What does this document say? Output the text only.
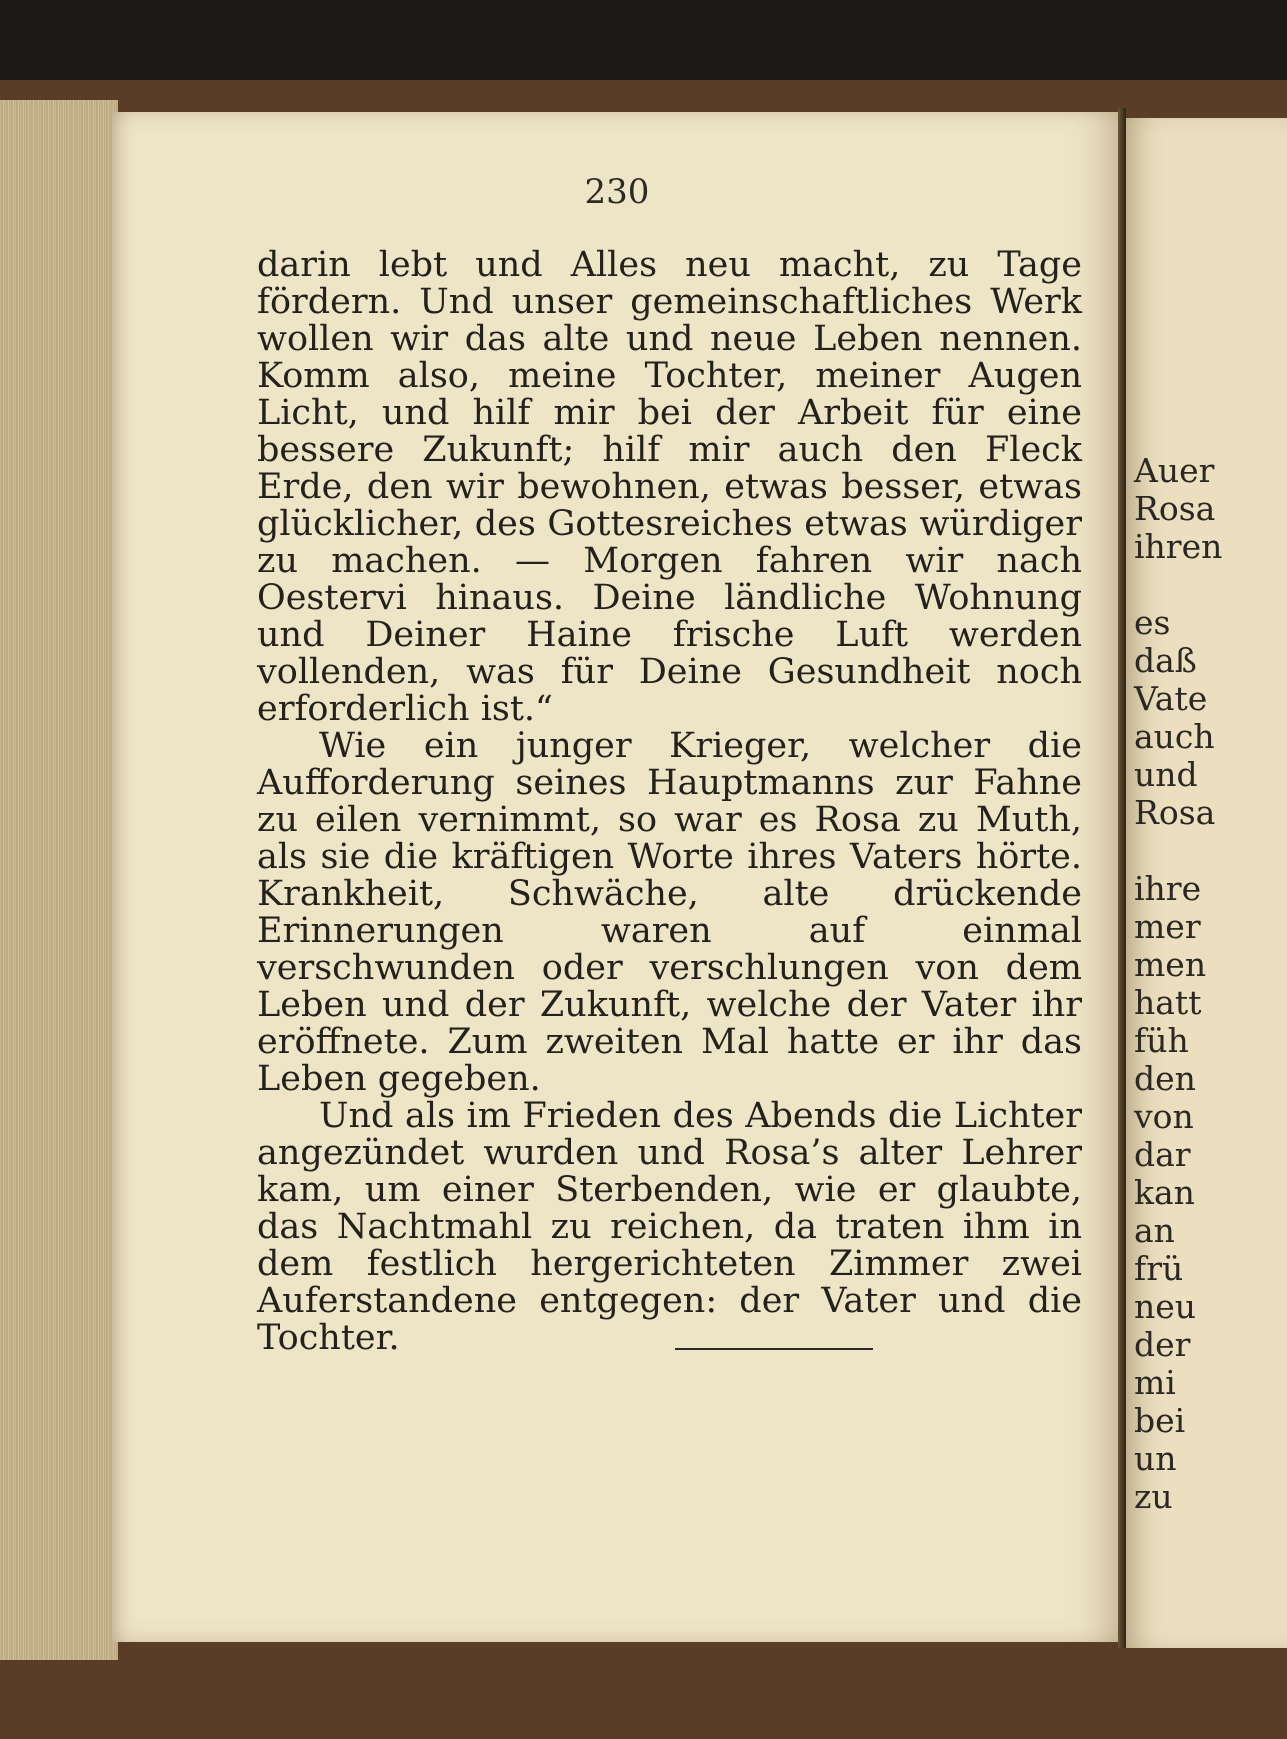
230

darin lebt und Alles neu macht, zu Tage fördern. Und unser gemeinschaftliches Werk wollen wir das alte und neue Leben nennen. Komm also, meine Tochter, meiner Augen Licht, und hilf mir bei der Arbeit für eine bessere Zukunft; hilf mir auch den Fleck Erde, den wir bewohnen, etwas besser, etwas glücklicher, des Gottesreiches etwas würdiger zu machen. — Morgen fahren wir nach Oestervi hinaus. Deine ländliche Wohnung und Deiner Haine frische Luft werden vollenden, was für Deine Gesundheit noch erforderlich ist.“

Wie ein junger Krieger, welcher die Aufforderung seines Hauptmanns zur Fahne zu eilen vernimmt, so war es Rosa zu Muth, als sie die kräftigen Worte ihres Vaters hörte. Krankheit, Schwäche, alte drückende Erinnerungen waren auf einmal verschwunden oder verschlungen von dem Leben und der Zukunft, welche der Vater ihr eröffnete. Zum zweiten Mal hatte er ihr das Leben gegeben.

Und als im Frieden des Abends die Lichter angezündet wurden und Rosa’s alter Lehrer kam, um einer Sterbenden, wie er glaubte, das Nachtmahl zu reichen, da traten ihm in dem festlich hergerichteten Zimmer zwei Auferstandene entgegen: der Vater und die Tochter.

Auer
Rosa
ihren
es
daß
Vate
auch
und
Rosa
ihre
mer
men
hatt
füh
den
von
dar
kan
an
frü
neu
der
mi
bei
un
zu
